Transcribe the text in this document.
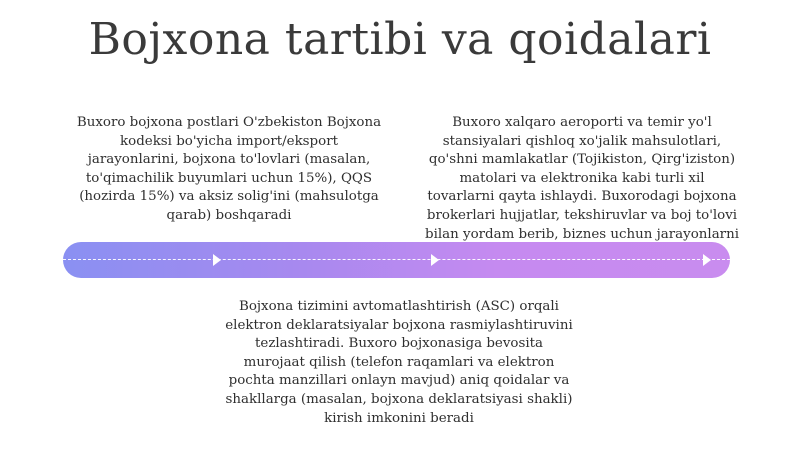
Bojxona tartibi va qoidalari
Buxoro bojxona postlari O'zbekiston Bojxona kodeksi bo'yicha import/eksport jarayonlarini, bojxona to'lovlari (masalan, to'qimachilik buyumlari uchun 15%), QQS (hozirda 15%) va aksiz solig'ini (mahsulotga qarab) boshqaradi
Buxoro xalqaro aeroporti va temir yo'l stansiyalari qishloq xo'jalik mahsulotlari, qo'shni mamlakatlar (Tojikiston, Qirg'iziston) matolari va elektronika kabi turli xil tovarlarni qayta ishlaydi. Buxorodagi bojxona brokerlari hujjatlar, tekshiruvlar va boj to'lovi bilan yordam berib, biznes uchun jarayonlarni
Bojxona tizimini avtomatlashtirish (ASC) orqali elektron deklaratsiyalar bojxona rasmiylashtiruvini tezlashtiradi. Buxoro bojxonasiga bevosita murojaat qilish (telefon raqamlari va elektron pochta manzillari onlayn mavjud) aniq qoidalar va shakllarga (masalan, bojxona deklaratsiyasi shakli) kirish imkonini beradi
